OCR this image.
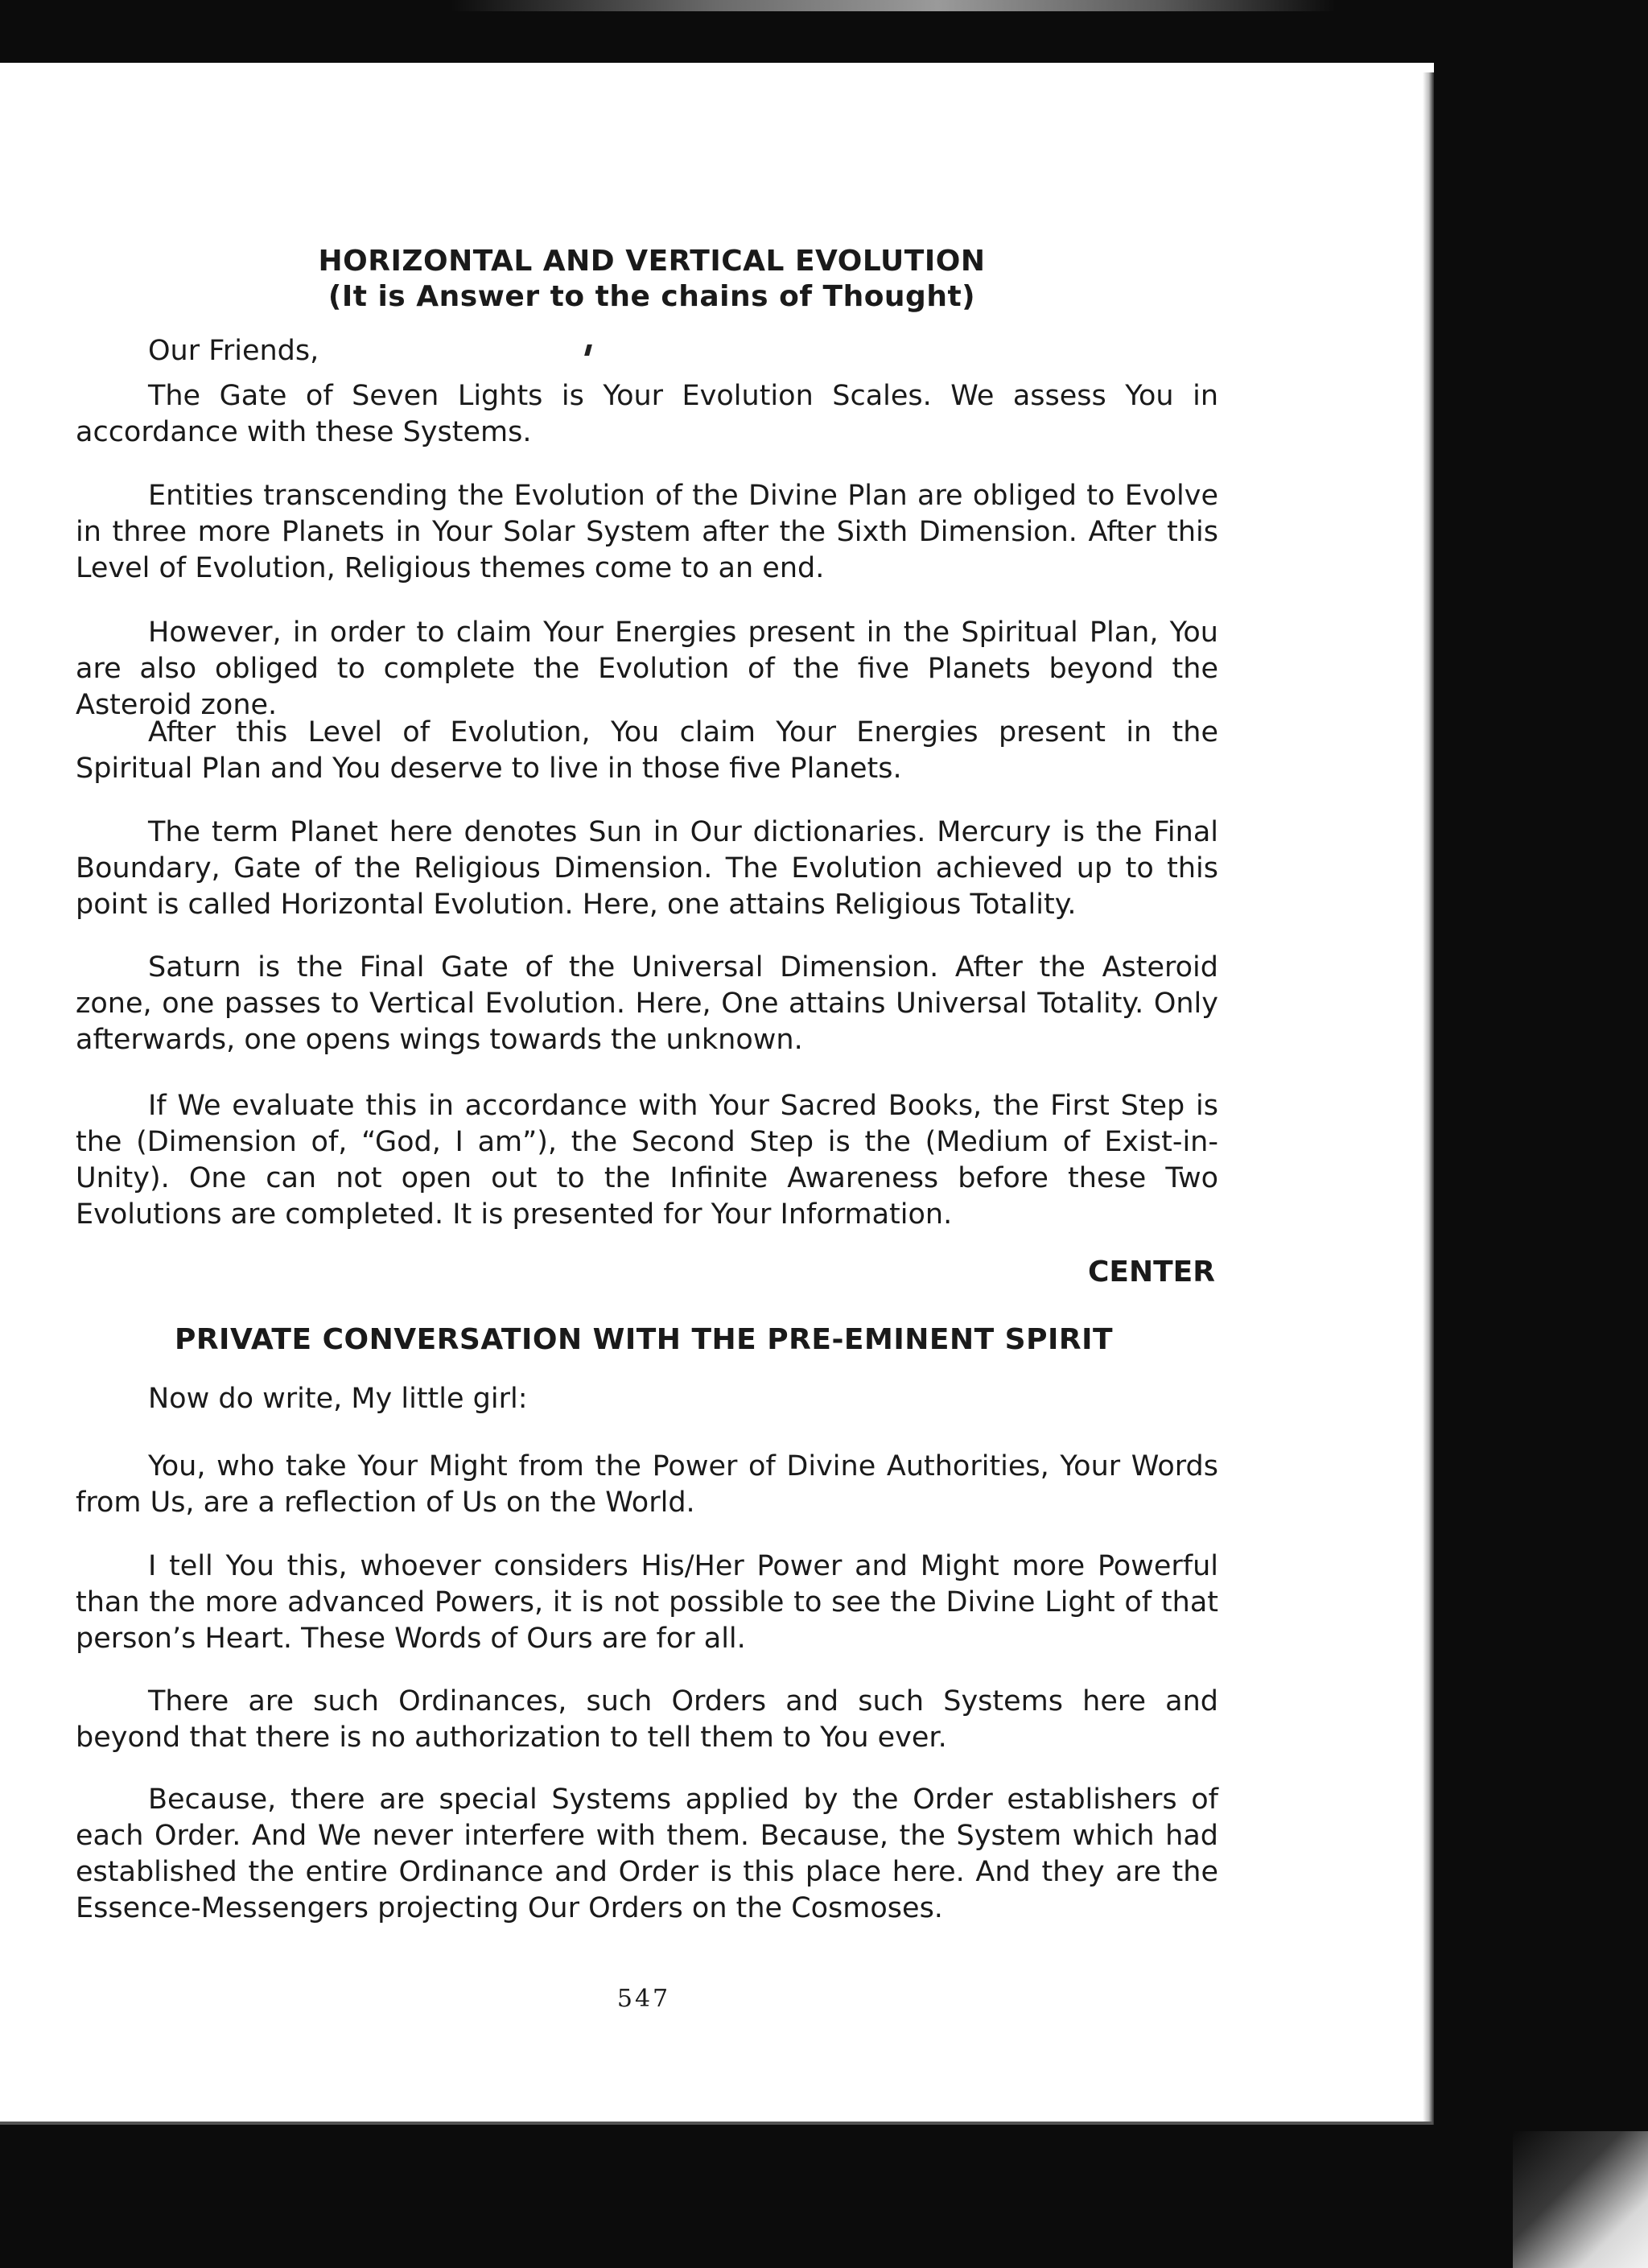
HORIZONTAL AND VERTICAL EVOLUTION
(It is Answer to the chains of Thought)

Our Friends,

The Gate of Seven Lights is Your Evolution Scales. We assess You in accordance with these Systems.

Entities transcending the Evolution of the Divine Plan are obliged to Evolve in three more Planets in Your Solar System after the Sixth Dimension. After this Level of Evolution, Religious themes come to an end.

However, in order to claim Your Energies present in the Spiritual Plan, You are also obliged to complete the Evolution of the five Planets beyond the Asteroid zone.

After this Level of Evolution, You claim Your Energies present in the Spiritual Plan and You deserve to live in those five Planets.

The term Planet here denotes Sun in Our dictionaries. Mercury is the Final Boundary, Gate of the Religious Dimension. The Evolution achieved up to this point is called Horizontal Evolution. Here, one attains Religious Totality.

Saturn is the Final Gate of the Universal Dimension. After the Asteroid zone, one passes to Vertical Evolution. Here, One attains Universal Totality. Only afterwards, one opens wings towards the unknown.

If We evaluate this in accordance with Your Sacred Books, the First Step is the (Dimension of, “God, I am”), the Second Step is the (Medium of Exist-in-Unity). One can not open out to the Infinite Awareness before these Two Evolutions are completed. It is presented for Your Information.

CENTER

PRIVATE CONVERSATION WITH THE PRE-EMINENT SPIRIT

Now do write, My little girl:

You, who take Your Might from the Power of Divine Authorities, Your Words from Us, are a reflection of Us on the World.

I tell You this, whoever considers His/Her Power and Might more Powerful than the more advanced Powers, it is not possible to see the Divine Light of that person’s Heart. These Words of Ours are for all.

There are such Ordinances, such Orders and such Systems here and beyond that there is no authorization to tell them to You ever.

Because, there are special Systems applied by the Order establishers of each Order. And We never interfere with them. Because, the System which had established the entire Ordinance and Order is this place here. And they are the Essence-Messengers projecting Our Orders on the Cosmoses.

547
